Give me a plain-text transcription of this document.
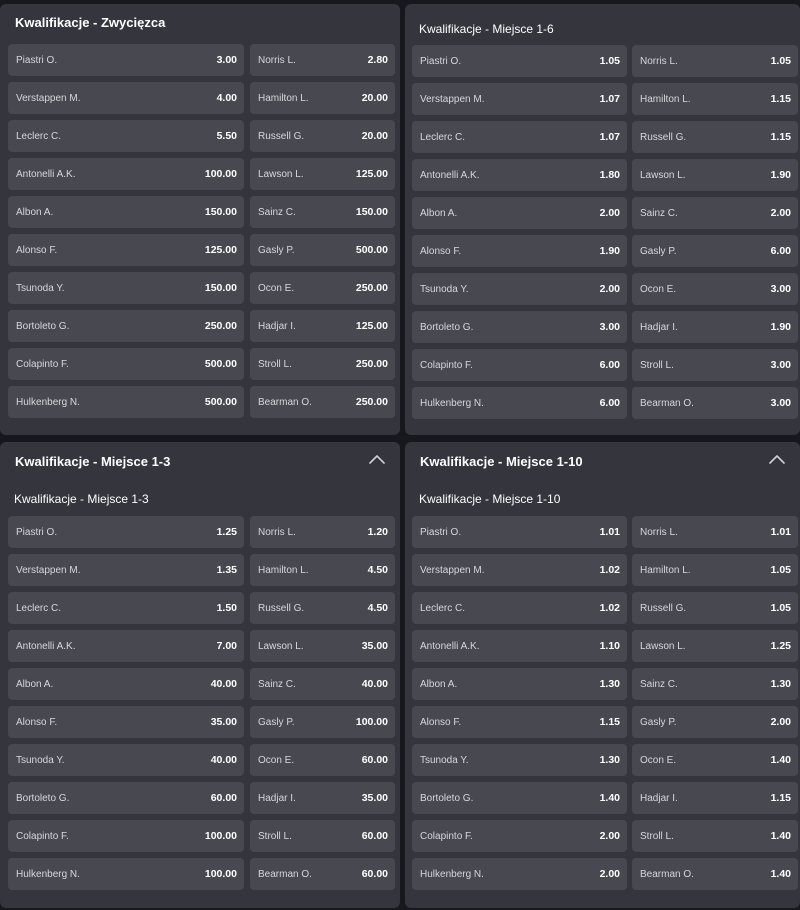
Kwalifikacje - Zwycięzca
Piastri O.	3.00 Norris L.	2.80
Verstappen M.	4.00 Hamilton L.	20.00
Leclerc C.	5.50 Russell G.	20.00
Antonelli A.K.	100.00 Lawson L.	125.00
Albon A.	150.00 Sainz C.	150.00
Alonso F.	125.00 Gasly P.	500.00
Tsunoda Y.	150.00 Ocon E.	250.00
Bortoleto G.	250.00 Hadjar I.	125.00
Colapinto F.	500.00 Stroll L.	250.00
Hulkenberg N.	500.00 Bearman O.	250.00
Kwalifikacje - Miejsce 1-6
Piastri O.	1.05 Norris L.	1.05
Verstappen M.	1.07 Hamilton L.	1.15
Leclerc C.	1.07 Russell G.	1.15
Antonelli A.K.	1.80 Lawson L.	1.90
Albon A.	2.00 Sainz C.	2.00
Alonso F.	1.90 Gasly P.	6.00
Tsunoda Y.	2.00 Ocon E.	3.00
Bortoleto G.	3.00 Hadjar I.	1.90
Colapinto F.	6.00 Stroll L.	3.00
Hulkenberg N.	6.00 Bearman O.	3.00
Kwalifikacje - Miejsce 1-3
Kwalifikacje - Miejsce 1-3
Piastri O.	1.25 Norris L.	1.20
Verstappen M.	1.35 Hamilton L.	4.50
Leclerc C.	1.50 Russell G.	4.50
Antonelli A.K.	7.00 Lawson L.	35.00
Albon A.	40.00 Sainz C.	40.00
Alonso F.	35.00 Gasly P.	100.00
Tsunoda Y.	40.00 Ocon E.	60.00
Bortoleto G.	60.00 Hadjar I.	35.00
Colapinto F.	100.00 Stroll L.	60.00
Hulkenberg N.	100.00 Bearman O.	60.00
Kwalifikacje - Miejsce 1-10
Kwalifikacje - Miejsce 1-10
Piastri O.	1.01 Norris L.	1.01
Verstappen M.	1.02 Hamilton L.	1.05
Leclerc C.	1.02 Russell G.	1.05
Antonelli A.K.	1.10 Lawson L.	1.25
Albon A.	1.30 Sainz C.	1.30
Alonso F.	1.15 Gasly P.	2.00
Tsunoda Y.	1.30 Ocon E.	1.40
Bortoleto G.	1.40 Hadjar I.	1.15
Colapinto F.	2.00 Stroll L.	1.40
Hulkenberg N.	2.00 Bearman O.	1.40
